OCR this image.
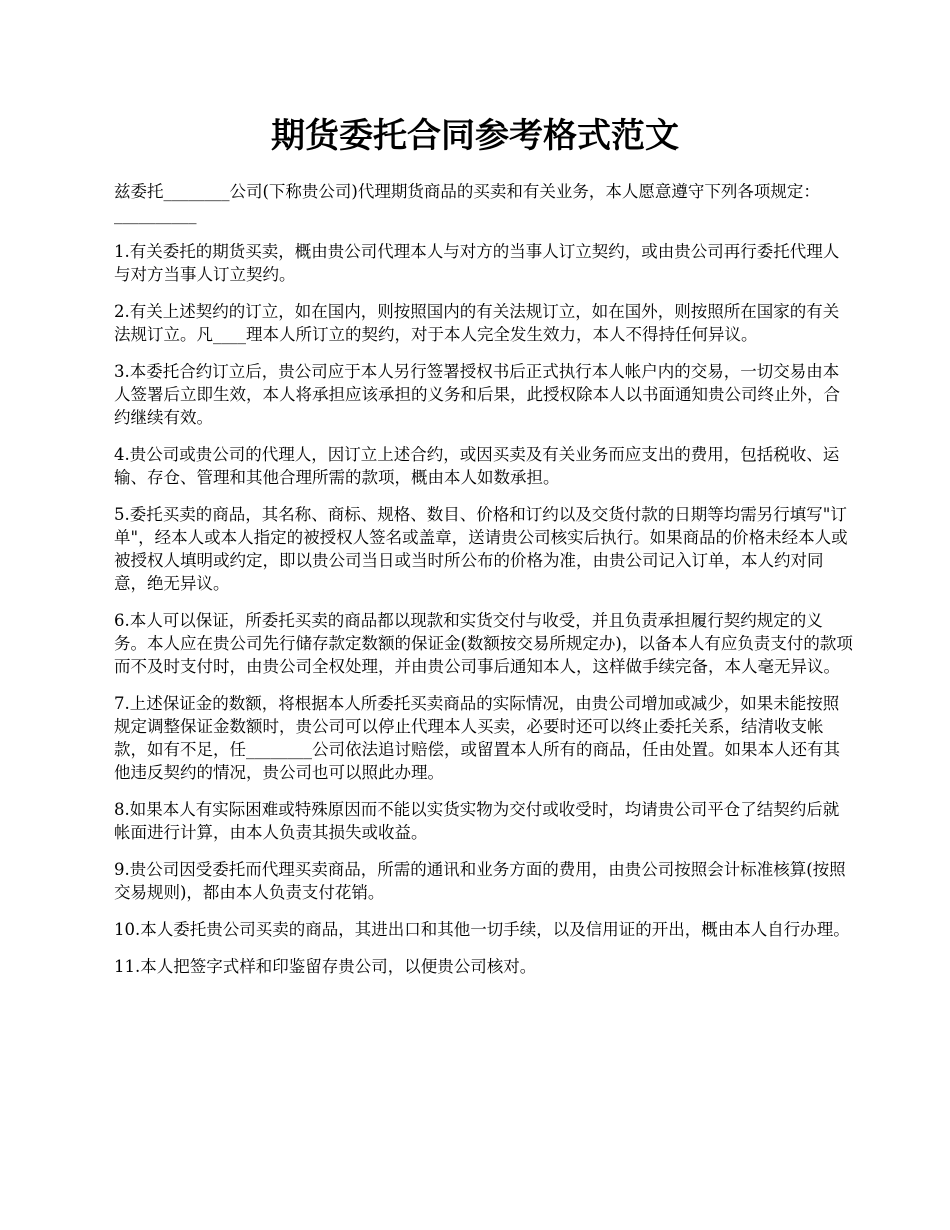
期货委托合同参考格式范文

兹委托________公司(下称贵公司)代理期货商品的买卖和有关业务，本人愿意遵守下列各项规定：__________

1.有关委托的期货买卖，概由贵公司代理本人与对方的当事人订立契约，或由贵公司再行委托代理人与对方当事人订立契约。

2.有关上述契约的订立，如在国内，则按照国内的有关法规订立，如在国外，则按照所在国家的有关法规订立。凡____理本人所订立的契约，对于本人完全发生效力，本人不得持任何异议。

3.本委托合约订立后，贵公司应于本人另行签署授权书后正式执行本人帐户内的交易，一切交易由本人签署后立即生效，本人将承担应该承担的义务和后果，此授权除本人以书面通知贵公司终止外，合约继续有效。

4.贵公司或贵公司的代理人，因订立上述合约，或因买卖及有关业务而应支出的费用，包括税收、运输、存仓、管理和其他合理所需的款项，概由本人如数承担。

5.委托买卖的商品，其名称、商标、规格、数目、价格和订约以及交货付款的日期等均需另行填写"订单"，经本人或本人指定的被授权人签名或盖章，送请贵公司核实后执行。如果商品的价格未经本人或被授权人填明或约定，即以贵公司当日或当时所公布的价格为准，由贵公司记入订单，本人约对同意，绝无异议。

6.本人可以保证，所委托买卖的商品都以现款和实货交付与收受，并且负责承担履行契约规定的义务。本人应在贵公司先行储存款定数额的保证金(数额按交易所规定办)，以备本人有应负责支付的款项而不及时支付时，由贵公司全权处理，并由贵公司事后通知本人，这样做手续完备，本人毫无异议。

7.上述保证金的数额，将根据本人所委托买卖商品的实际情况，由贵公司增加或减少，如果未能按照规定调整保证金数额时，贵公司可以停止代理本人买卖，必要时还可以终止委托关系，结清收支帐款，如有不足，任________公司依法追讨赔偿，或留置本人所有的商品，任由处置。如果本人还有其他违反契约的情况，贵公司也可以照此办理。

8.如果本人有实际困难或特殊原因而不能以实货实物为交付或收受时，均请贵公司平仓了结契约后就帐面进行计算，由本人负责其损失或收益。

9.贵公司因受委托而代理买卖商品，所需的通讯和业务方面的费用，由贵公司按照会计标准核算(按照交易规则)，都由本人负责支付花销。

10.本人委托贵公司买卖的商品，其进出口和其他一切手续，以及信用证的开出，概由本人自行办理。

11.本人把签字式样和印鉴留存贵公司，以便贵公司核对。
